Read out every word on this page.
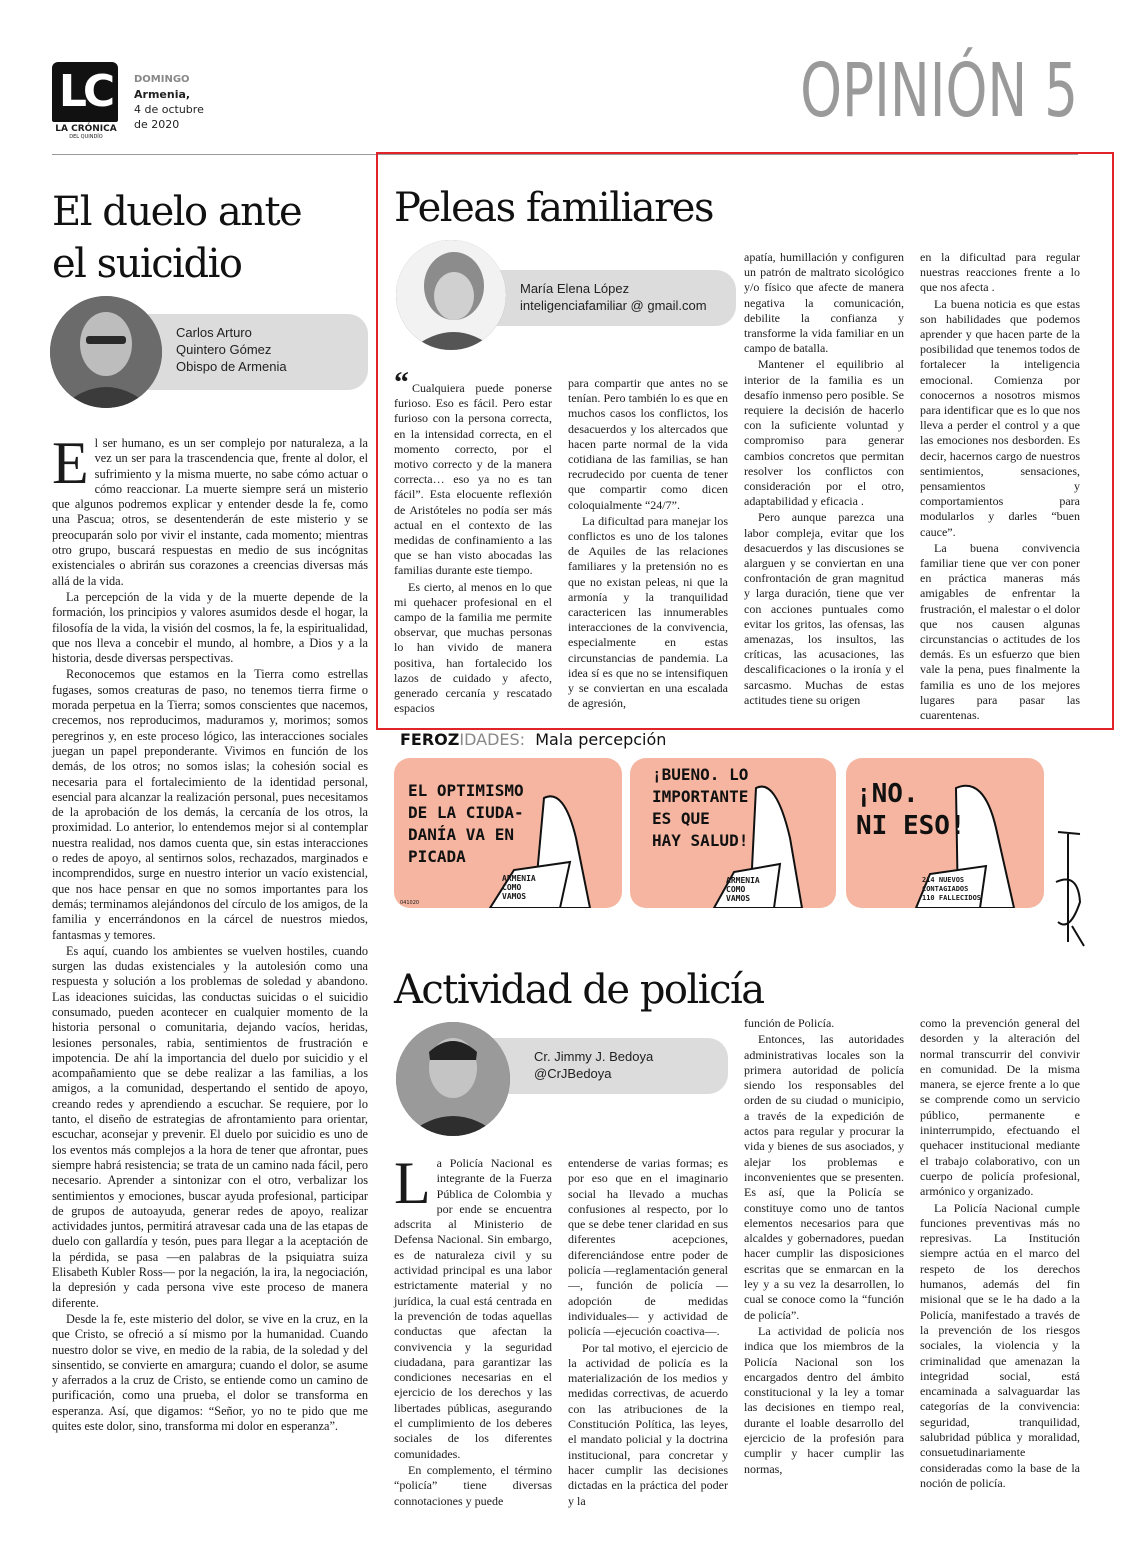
LC
LA CRÓNICA
DEL QUINDÍO
DOMINGO
Armenia,
4 de octubre
de 2020	OPINIÓN 5
El duelo ante
el suicidio
Carlos Arturo
Quintero Gómez
Obispo de Armenia

El ser humano, es un ser complejo por naturaleza, a la vez un ser para la trascendencia que, frente al dolor, el sufrimiento y la misma muerte, no sabe cómo actuar o cómo reaccionar. La muerte siempre será un misterio que algunos podremos explicar y entender desde la fe, como una Pascua; otros, se desentenderán de este misterio y se preocuparán solo por vivir el instante, cada momento; mientras otro grupo, buscará respuestas en medio de sus incógnitas existenciales o abrirán sus corazones a creencias diversas más allá de la vida.

La percepción de la vida y de la muerte depende de la formación, los principios y valores asumidos desde el hogar, la filosofía de la vida, la visión del cosmos, la fe, la espiritualidad, que nos lleva a concebir el mundo, al hombre, a Dios y a la historia, desde diversas perspectivas.

Reconocemos que estamos en la Tierra como estrellas fugases, somos creaturas de paso, no tenemos tierra firme o morada perpetua en la Tierra; somos conscientes que nacemos, crecemos, nos reproducimos, maduramos y, morimos; somos peregrinos y, en este proceso lógico, las interacciones sociales juegan un papel preponderante. Vivimos en función de los demás, de los otros; no somos islas; la cohesión social es necesaria para el fortalecimiento de la identidad personal, esencial para alcanzar la realización personal, pues necesitamos de la aprobación de los demás, la cercanía de los otros, la proximidad. Lo anterior, lo entendemos mejor si al contemplar nuestra realidad, nos damos cuenta que, sin estas interacciones o redes de apoyo, al sentirnos solos, rechazados, marginados e incomprendidos, surge en nuestro interior un vacío existencial, que nos hace pensar en que no somos importantes para los demás; terminamos alejándonos del círculo de los amigos, de la familia y encerrándonos en la cárcel de nuestros miedos, fantasmas y temores.

Es aquí, cuando los ambientes se vuelven hostiles, cuando surgen las dudas existenciales y la autolesión como una respuesta y solución a los problemas de soledad y abandono. Las ideaciones suicidas, las conductas suicidas o el suicidio consumado, pueden acontecer en cualquier momento de la historia personal o comunitaria, dejando vacíos, heridas, lesiones personales, rabia, sentimientos de frustración e impotencia. De ahí la importancia del duelo por suicidio y el acompañamiento que se debe realizar a las familias, a los amigos, a la comunidad, despertando el sentido de apoyo, creando redes y aprendiendo a escuchar. Se requiere, por lo tanto, el diseño de estrategias de afrontamiento para orientar, escuchar, aconsejar y prevenir. El duelo por suicidio es uno de los eventos más complejos a la hora de tener que afrontar, pues siempre habrá resistencia; se trata de un camino nada fácil, pero necesario. Aprender a sintonizar con el otro, verbalizar los sentimientos y emociones, buscar ayuda profesional, participar de grupos de autoayuda, generar redes de apoyo, realizar actividades juntos, permitirá atravesar cada una de las etapas de duelo con gallardía y tesón, pues para llegar a la aceptación de la pérdida, se pasa —en palabras de la psiquiatra suiza Elisabeth Kubler Ross— por la negación, la ira, la negociación, la depresión y cada persona vive este proceso de manera diferente.

Desde la fe, este misterio del dolor, se vive en la cruz, en la que Cristo, se ofreció a sí mismo por la humanidad. Cuando nuestro dolor se vive, en medio de la rabia, de la soledad y del sinsentido, se convierte en amargura; cuando el dolor, se asume y aferrados a la cruz de Cristo, se entiende como un camino de purificación, como una prueba, el dolor se transforma en esperanza. Así, que digamos: “Señor, yo no te pido que me quites este dolor, sino, transforma mi dolor en esperanza”.

Peleas familiares
María Elena López
inteligenciafamiliar @ gmail.com

“ Cualquiera puede ponerse furioso. Eso es fácil. Pero estar furioso con la persona correcta, en la intensidad correcta, en el momento correcto, por el motivo correcto y de la manera correcta… eso ya no es tan fácil”. Esta elocuente reflexión de Aristóteles no podía ser más actual en el contexto de las medidas de confinamiento a las que se han visto abocadas las familias durante este tiempo.

Es cierto, al menos en lo que mi quehacer profesional en el campo de la familia me permite observar, que muchas personas lo han vivido de manera positiva, han fortalecido los lazos de cuidado y afecto, generado cercanía y rescatado espacios

para compartir que antes no se tenían. Pero también lo es que en muchos casos los conflictos, los desacuerdos y los altercados que hacen parte normal de la vida cotidiana de las familias, se han recrudecido por cuenta de tener que compartir como dicen coloquialmente “24/7”.

La dificultad para manejar los conflictos es uno de los talones de Aquiles de las relaciones familiares y la pretensión no es que no existan peleas, ni que la armonía y la tranquilidad caractericen las innumerables interacciones de la convivencia, especialmente en estas circunstancias de pandemia. La idea sí es que no se intensifiquen y se conviertan en una escalada de agresión,

apatía, humillación y configuren un patrón de maltrato sicológico y/o físico que afecte de manera negativa la comunicación, debilite la confianza y transforme la vida familiar en un campo de batalla.

Mantener el equilibrio al interior de la familia es un desafío inmenso pero posible. Se requiere la decisión de hacerlo con la suficiente voluntad y compromiso para generar cambios concretos que permitan resolver los conflictos con consideración por el otro, adaptabilidad y eficacia .

Pero aunque parezca una labor compleja, evitar que los desacuerdos y las discusiones se alarguen y se conviertan en una confrontación de gran magnitud y larga duración, tiene que ver con acciones puntuales como evitar los gritos, las ofensas, las amenazas, los insultos, las críticas, las acusaciones, las descalificaciones o la ironía y el sarcasmo. Muchas de estas actitudes tiene su origen

en la dificultad para regular nuestras reacciones frente a lo que nos afecta .

La buena noticia es que estas son habilidades que podemos aprender y que hacen parte de la posibilidad que tenemos todos de fortalecer la inteligencia emocional. Comienza por conocernos a nosotros mismos para identificar que es lo que nos lleva a perder el control y a que las emociones nos desborden. Es decir, hacernos cargo de nuestros sentimientos, sensaciones, pensamientos y comportamientos para modularlos y darles “buen cauce”.

La buena convivencia familiar tiene que ver con poner en práctica maneras más amigables de enfrentar la frustración, el malestar o el dolor que nos causen algunas circunstancias o actitudes de los demás. Es un esfuerzo que bien vale la pena, pues finalmente la familia es uno de los mejores lugares para pasar las cuarentenas.

FEROZIDADES: Mala percepción
EL OPTIMISMO
DE LA CIUDA-
DANÍA VA EN
PICADA
ARMENIA
COMO
VAMOS
041020
¡BUENO. LO
IMPORTANTE
ES QUE
HAY SALUD!
ARMENIA
COMO
VAMOS
¡NO.
NI ESO!
214 NUEVOS
CONTAGIADOS
110 FALLECIDOS
Actividad de policía
Cr. Jimmy J. Bedoya
@CrJBedoya

La Policía Nacional es integrante de la Fuerza Pública de Colombia y por ende se encuentra adscrita al Ministerio de Defensa Nacional. Sin embargo, es de naturaleza civil y su actividad principal es una labor estrictamente material y no jurídica, la cual está centrada en la prevención de todas aquellas conductas que afectan la convivencia y la seguridad ciudadana, para garantizar las condiciones necesarias en el ejercicio de los derechos y las libertades públicas, asegurando el cumplimiento de los deberes sociales de los diferentes comunidades.

En complemento, el término “policía” tiene diversas connotaciones y puede

entenderse de varias formas; es por eso que en el imaginario social ha llevado a muchas confusiones al respecto, por lo que se debe tener claridad en sus diferentes acepciones, diferenciándose entre poder de policía —reglamentación general—, función de policía —adopción de medidas individuales— y actividad de policía —ejecución coactiva—.

Por tal motivo, el ejercicio de la actividad de policía es la materialización de los medios y medidas correctivas, de acuerdo con las atribuciones de la Constitución Política, las leyes, el mandato policial y la doctrina institucional, para concretar y hacer cumplir las decisiones dictadas en la práctica del poder y la

función de Policía.

Entonces, las autoridades administrativas locales son la primera autoridad de policía siendo los responsables del orden de su ciudad o municipio, a través de la expedición de actos para regular y procurar la vida y bienes de sus asociados, y alejar los problemas e inconvenientes que se presenten. Es así, que la Policía se constituye como uno de tantos elementos necesarios para que alcaldes y gobernadores, puedan hacer cumplir las disposiciones escritas que se enmarcan en la ley y a su vez la desarrollen, lo cual se conoce como la “función de policía”.

La actividad de policía nos indica que los miembros de la Policía Nacional son los encargados dentro del ámbito constitucional y la ley a tomar las decisiones en tiempo real, durante el loable desarrollo del ejercicio de la profesión para cumplir y hacer cumplir las normas,

como la prevención general del desorden y la alteración del normal transcurrir del convivir en comunidad. De la misma manera, se ejerce frente a lo que se comprende como un servicio público, permanente e ininterrumpido, efectuando el quehacer institucional mediante el trabajo colaborativo, con un cuerpo de policía profesional, armónico y organizado.

La Policía Nacional cumple funciones preventivas más no represivas. La Institución siempre actúa en el marco del respeto de los derechos humanos, además del fin misional que se le ha dado a la Policía, manifestado a través de la prevención de los riesgos sociales, la violencia y la criminalidad que amenazan la integridad social, está encaminada a salvaguardar las categorías de la convivencia: seguridad, tranquilidad, salubridad pública y moralidad, consuetudinariamente consideradas como la base de la noción de policía.
